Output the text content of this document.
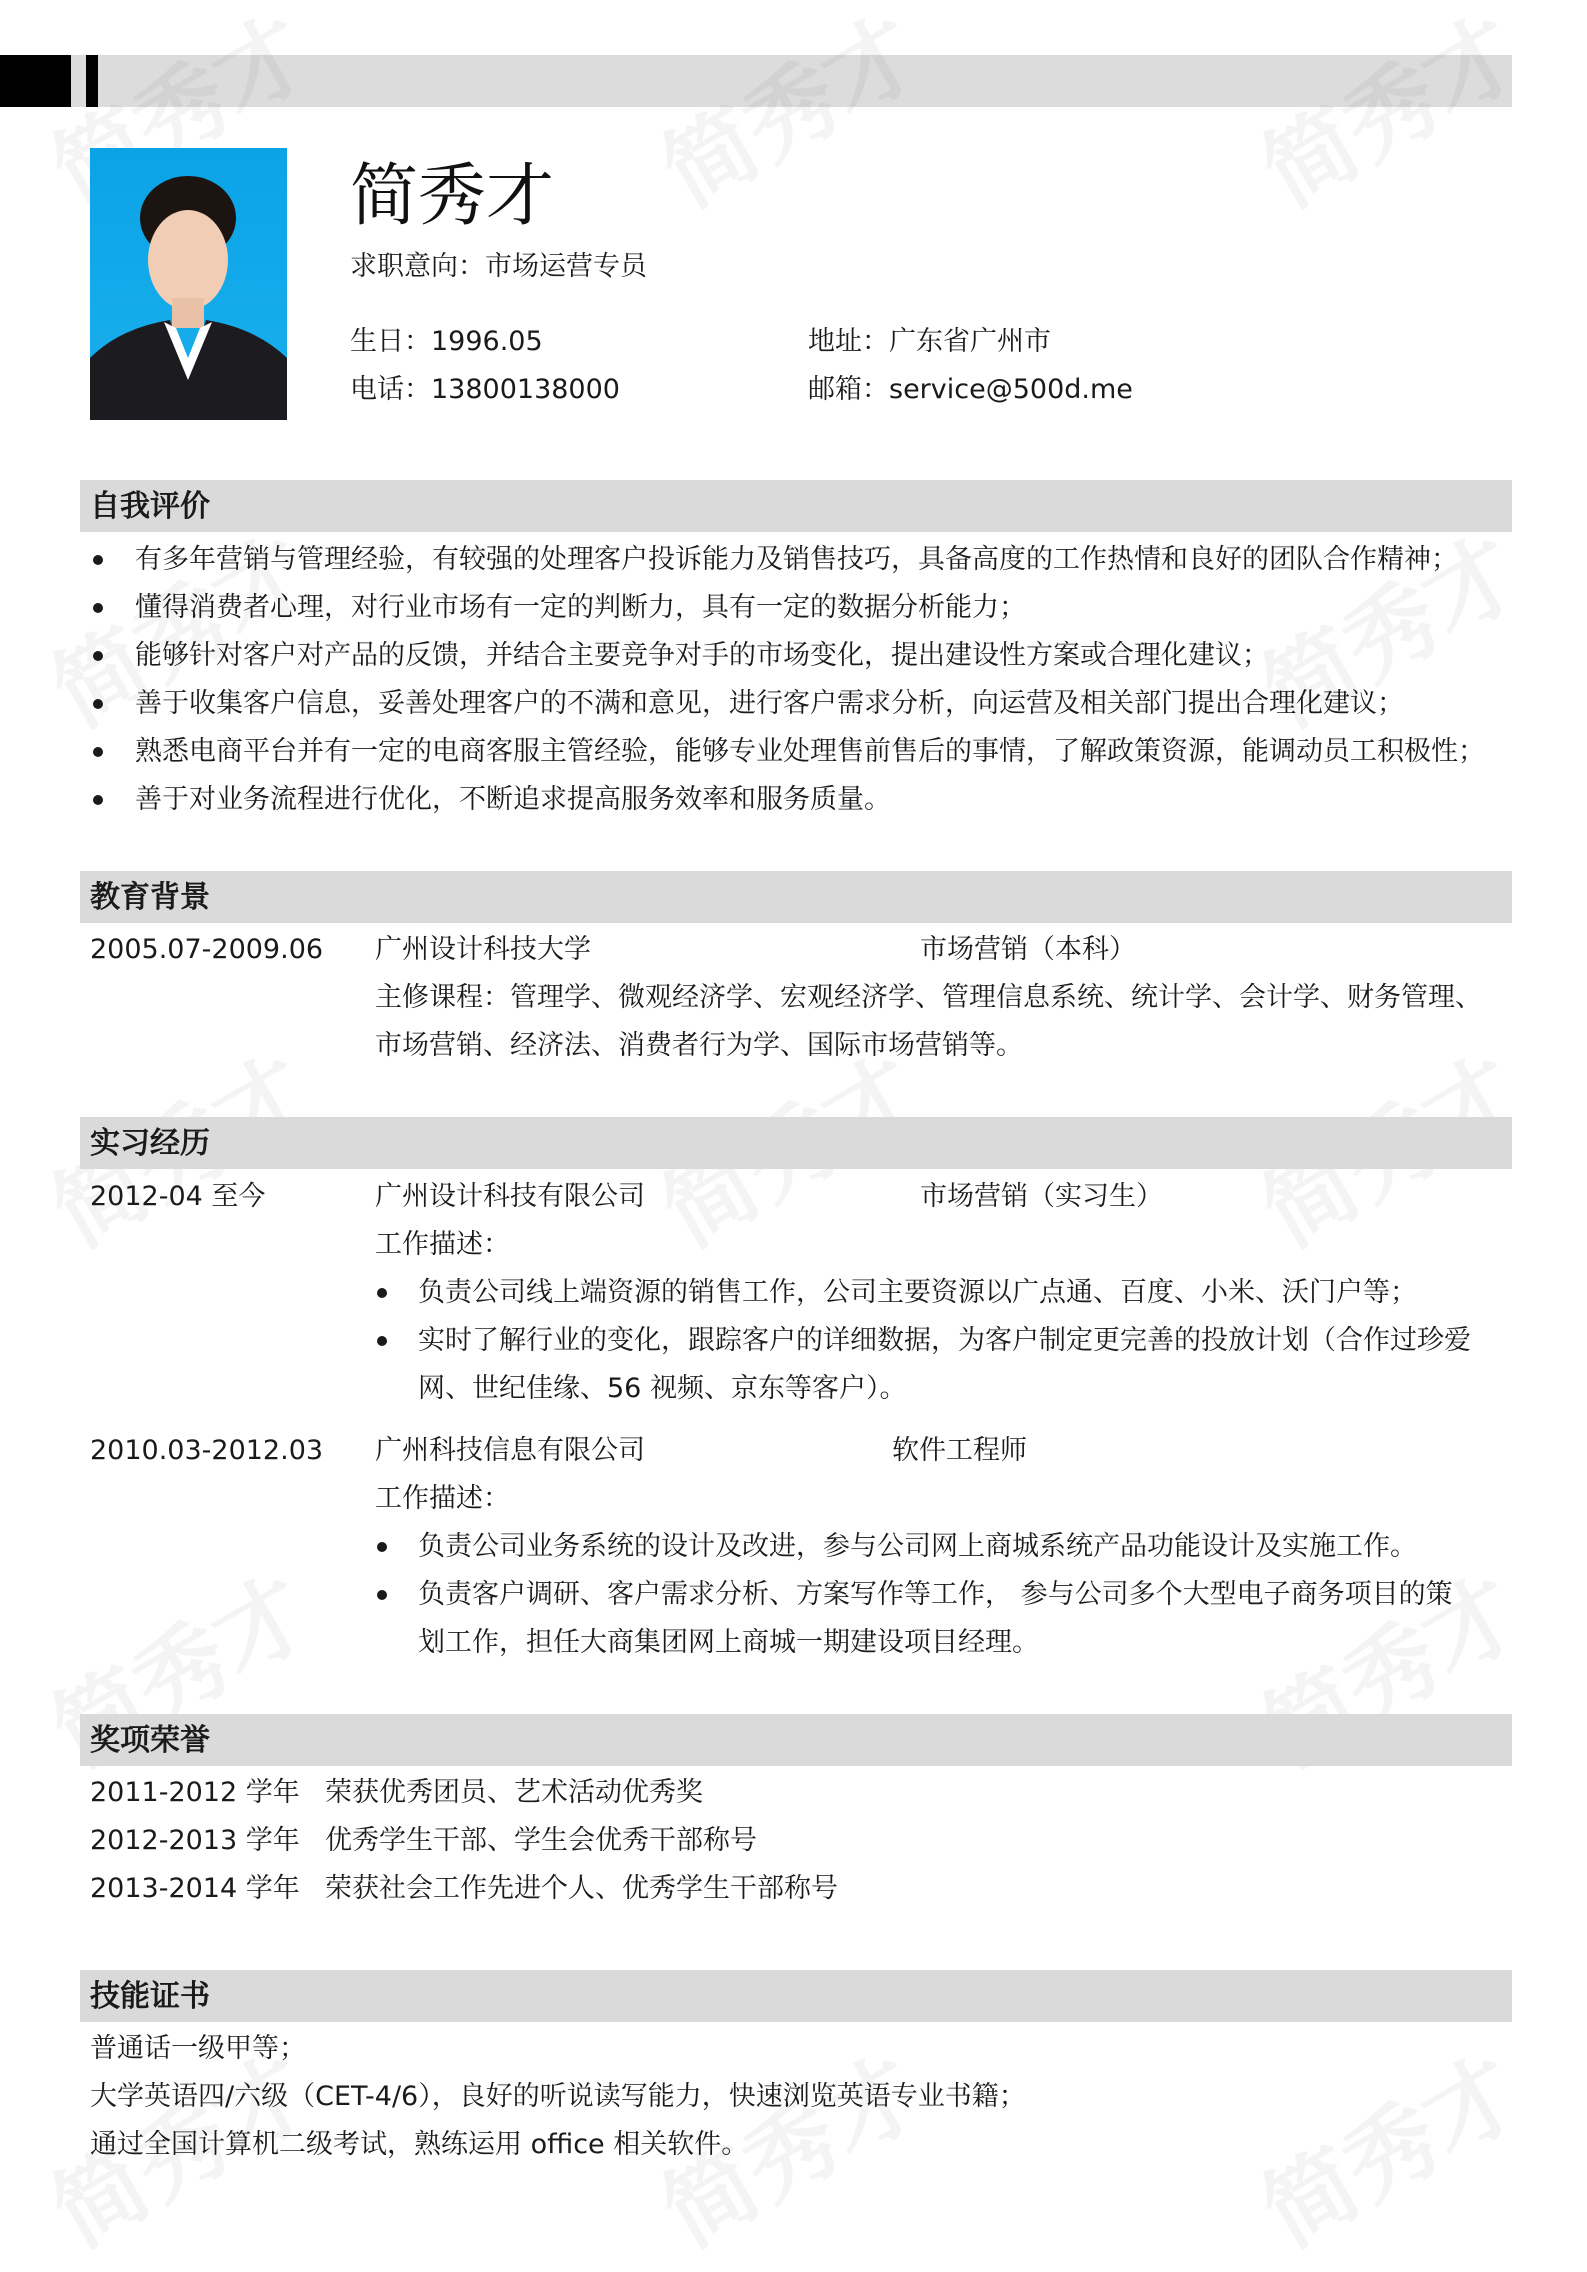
简秀才
求职意向：市场运营专员
生日：1996.05
电话：13800138000
地址：广东省广州市
邮箱：service@500d.me
自我评价
有多年营销与管理经验，有较强的处理客户投诉能力及销售技巧，具备高度的工作热情和良好的团队合作精神；
懂得消费者心理，对行业市场有一定的判断力，具有一定的数据分析能力；
能够针对客户对产品的反馈，并结合主要竞争对手的市场变化，提出建设性方案或合理化建议；
善于收集客户信息，妥善处理客户的不满和意见，进行客户需求分析，向运营及相关部门提出合理化建议；
熟悉电商平台并有一定的电商客服主管经验，能够专业处理售前售后的事情，了解政策资源，能调动员工积极性；
善于对业务流程进行优化，不断追求提高服务效率和服务质量。
教育背景
2005.07-2009.06 广州设计科技大学	市场营销（本科）
主修课程：管理学、微观经济学、宏观经济学、管理信息系统、统计学、会计学、财务管理、
市场营销、经济法、消费者行为学、国际市场营销等。
实习经历
2012-04 至今	广州设计科技有限公司	市场营销（实习生）
工作描述：
负责公司线上端资源的销售工作，公司主要资源以广点通、百度、小米、沃门户等；
实时了解行业的变化，跟踪客户的详细数据，为客户制定更完善的投放计划（合作过珍爱
网、世纪佳缘、56 视频、京东等客户）。
2010.03-2012.03 广州科技信息有限公司	软件工程师
工作描述：
负责公司业务系统的设计及改进，参与公司网上商城系统产品功能设计及实施工作。
负责客户调研、客户需求分析、方案写作等工作， 参与公司多个大型电子商务项目的策
划工作，担任大商集团网上商城一期建设项目经理。
奖项荣誉
2011-2012 学年 荣获优秀团员、艺术活动优秀奖
2012-2013 学年 优秀学生干部、学生会优秀干部称号
2013-2014 学年 荣获社会工作先进个人、优秀学生干部称号
技能证书
普通话一级甲等；
大学英语四/六级（CET-4/6），良好的听说读写能力，快速浏览英语专业书籍；
通过全国计算机二级考试，熟练运用 office 相关软件。
